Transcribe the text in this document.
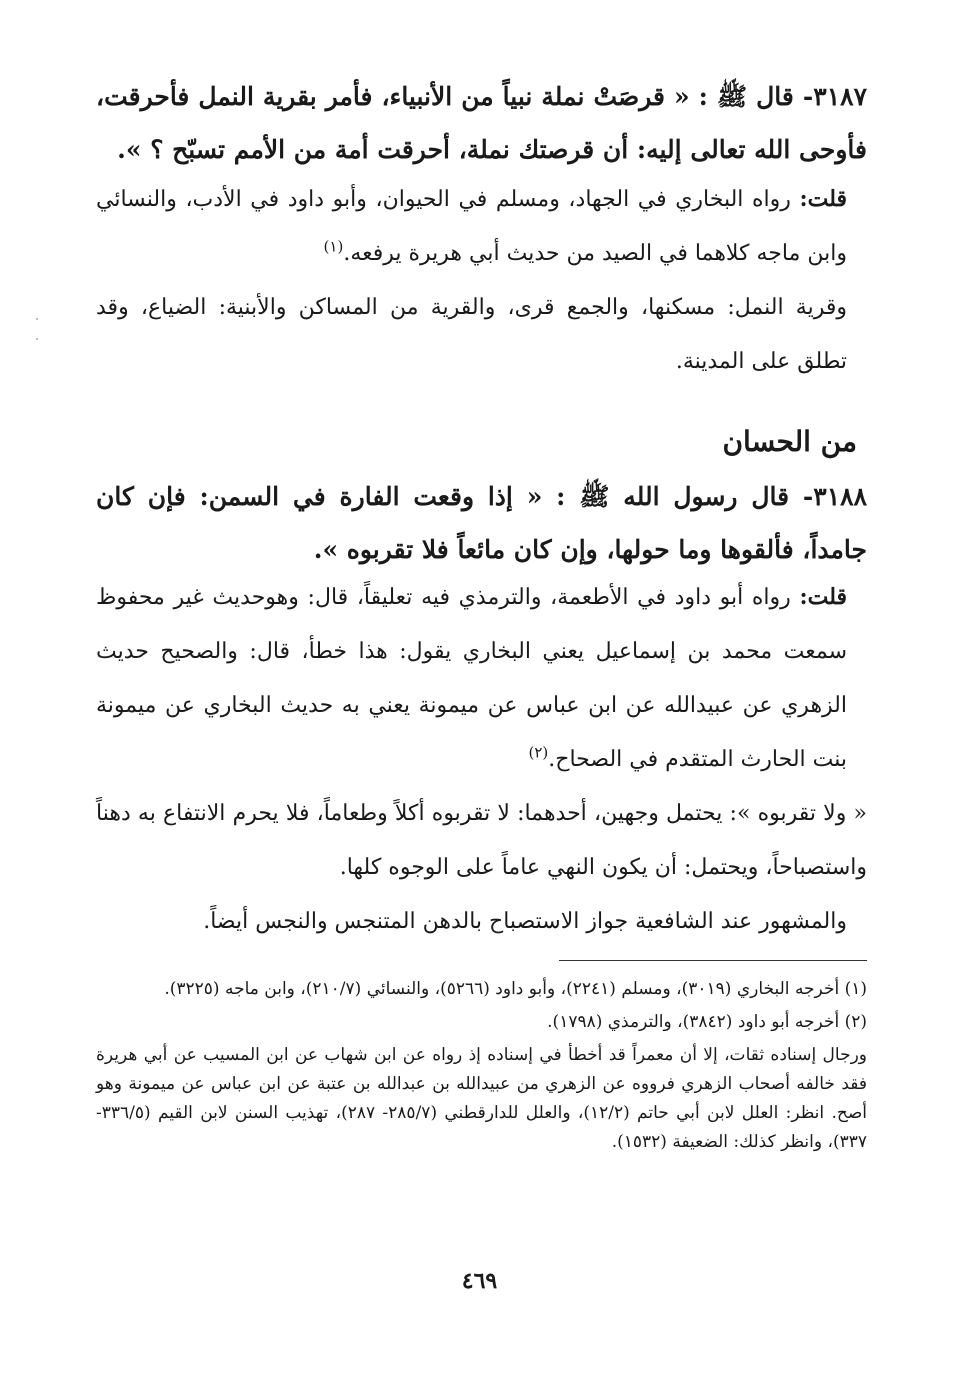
٣١٨٧- قال ﷺ : « قرصَتْ نملة نبياً من الأنبياء، فأمر بقرية النمل فأحرقت، فأوحى الله تعالى إليه: أن قرصتك نملة، أحرقت أمة من الأمم تسبّح ؟ ».

قلت: رواه البخاري في الجهاد، ومسلم في الحيوان، وأبو داود في الأدب، والنسائي وابن ماجه كلاهما في الصيد من حديث أبي هريرة يرفعه.$^{(١)}$

وقرية النمل: مسكنها، والجمع قرى، والقرية من المساكن والأبنية: الضياع، وقد تطلق على المدينة.

من الحسان

٣١٨٨- قال رسول الله ﷺ : « إذا وقعت الفارة في السمن: فإن كان جامداً، فألقوها وما حولها، وإن كان مائعاً فلا تقربوه ».

قلت: رواه أبو داود في الأطعمة، والترمذي فيه تعليقاً، قال: وهوحديث غير محفوظ سمعت محمد بن إسماعيل يعني البخاري يقول: هذا خطأ، قال: والصحيح حديث الزهري عن عبيدالله عن ابن عباس عن ميمونة يعني به حديث البخاري عن ميمونة بنت الحارث المتقدم في الصحاح.$^{(٢)}$

« ولا تقربوه »: يحتمل وجهين، أحدهما: لا تقربوه أكلاً وطعاماً، فلا يحرم الانتفاع به دهناً واستصباحاً، ويحتمل: أن يكون النهي عاماً على الوجوه كلها.

والمشهور عند الشافعية جواز الاستصباح بالدهن المتنجس والنجس أيضاً.

(١) أخرجه البخاري (٣٠١٩)، ومسلم (٢٢٤١)، وأبو داود (٥٢٦٦)، والنسائي (٢١٠/٧)، وابن ماجه (٣٢٢٥).

(٢) أخرجه أبو داود (٣٨٤٢)، والترمذي (١٧٩٨).

ورجال إسناده ثقات، إلا أن معمراً قد أخطأ في إسناده إذ رواه عن ابن شهاب عن ابن المسيب عن أبي هريرة فقد خالفه أصحاب الزهري فرووه عن الزهري من عبيدالله بن عبدالله بن عتبة عن ابن عباس عن ميمونة وهو أصح. انظر: العلل لابن أبي حاتم (١٢/٢)، والعلل للدارقطني (٢٨٥/٧- ٢٨٧)، تهذيب السنن لابن القيم (٣٣٦/٥- ٣٣٧)، وانظر كذلك: الضعيفة (١٥٣٢).

٤٦٩
